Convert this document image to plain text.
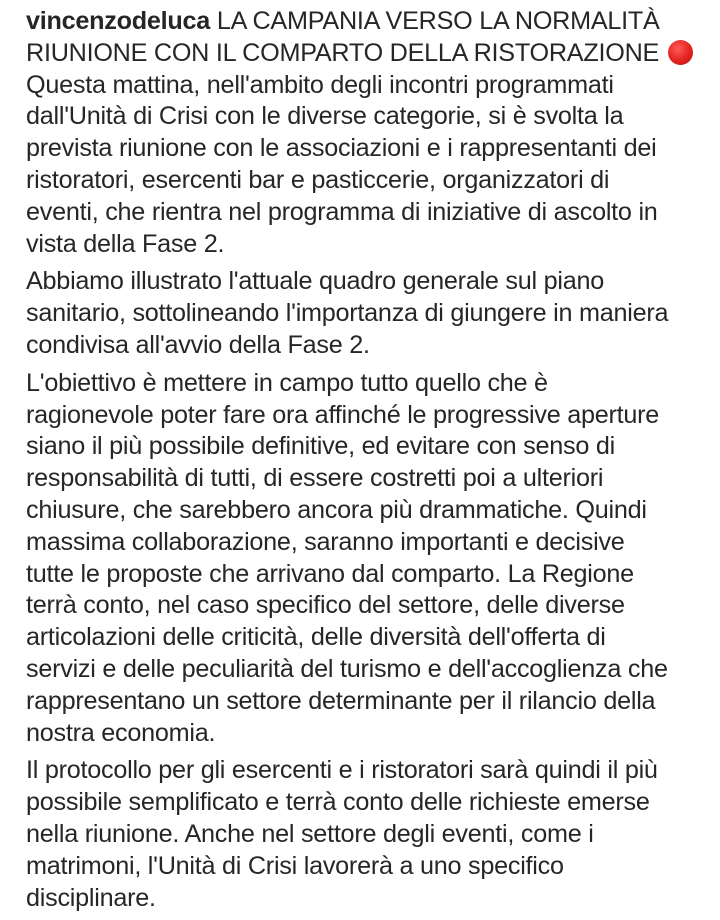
vincenzodeluca LA CAMPANIA VERSO LA NORMALITÀ
RIUNIONE CON IL COMPARTO DELLA RISTORAZIONE
Questa mattina, nell'ambito degli incontri programmati
dall'Unità di Crisi con le diverse categorie, si è svolta la
prevista riunione con le associazioni e i rappresentanti dei
ristoratori, esercenti bar e pasticcerie, organizzatori di
eventi, che rientra nel programma di iniziative di ascolto in
vista della Fase 2.
Abbiamo illustrato l'attuale quadro generale sul piano
sanitario, sottolineando l'importanza di giungere in maniera
condivisa all'avvio della Fase 2.
L'obiettivo è mettere in campo tutto quello che è
ragionevole poter fare ora affinché le progressive aperture
siano il più possibile definitive, ed evitare con senso di
responsabilità di tutti, di essere costretti poi a ulteriori
chiusure, che sarebbero ancora più drammatiche. Quindi
massima collaborazione, saranno importanti e decisive
tutte le proposte che arrivano dal comparto. La Regione
terrà conto, nel caso specifico del settore, delle diverse
articolazioni delle criticità, delle diversità dell'offerta di
servizi e delle peculiarità del turismo e dell'accoglienza che
rappresentano un settore determinante per il rilancio della
nostra economia.
Il protocollo per gli esercenti e i ristoratori sarà quindi il più
possibile semplificato e terrà conto delle richieste emerse
nella riunione. Anche nel settore degli eventi, come i
matrimoni, l'Unità di Crisi lavorerà a uno specifico
disciplinare.
